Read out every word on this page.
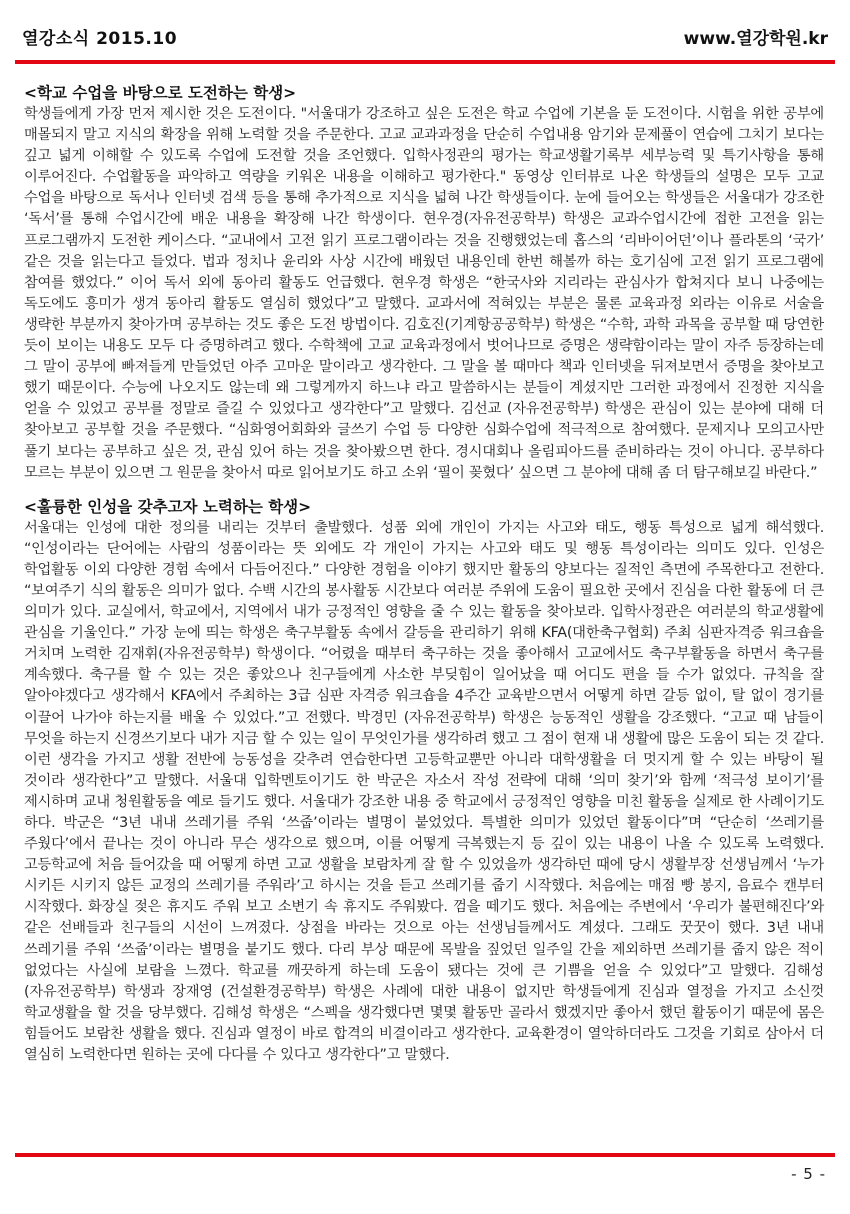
열강소식 2015.10	www.열강학원.kr
<학교 수업을 바탕으로 도전하는 학생>

학생들에게 가장 먼저 제시한 것은 도전이다. "서울대가 강조하고 싶은 도전은 학교 수업에 기본을 둔 도전이다. 시험을 위한 공부에 매몰되지 말고 지식의 확장을 위해 노력할 것을 주문한다. 고교 교과과정을 단순히 수업내용 암기와 문제풀이 연습에 그치기 보다는 깊고 넓게 이해할 수 있도록 수업에 도전할 것을 조언했다. 입학사정관의 평가는 학교생활기록부 세부능력 및 특기사항을 통해 이루어진다. 수업활동을 파악하고 역량을 키워온 내용을 이해하고 평가한다." 동영상 인터뷰로 나온 학생들의 설명은 모두 고교 수업을 바탕으로 독서나 인터넷 검색 등을 통해 추가적으로 지식을 넓혀 나간 학생들이다. 눈에 들어오는 학생들은 서울대가 강조한 ‘독서’를 통해 수업시간에 배운 내용을 확장해 나간 학생이다. 현우경(자유전공학부) 학생은 교과수업시간에 접한 고전을 읽는 프로그램까지 도전한 케이스다. “교내에서 고전 읽기 프로그램이라는 것을 진행했었는데 홉스의 ‘리바이어던’이나 플라톤의 ‘국가’ 같은 것을 읽는다고 들었다. 법과 정치나 윤리와 사상 시간에 배웠던 내용인데 한번 해볼까 하는 호기심에 고전 읽기 프로그램에 참여를 했었다.” 이어 독서 외에 동아리 활동도 언급했다. 현우경 학생은 “한국사와 지리라는 관심사가 합쳐지다 보니 나중에는 독도에도 흥미가 생겨 동아리 활동도 열심히 했었다”고 말했다. 교과서에 적혀있는 부분은 물론 교육과정 외라는 이유로 서술을 생략한 부분까지 찾아가며 공부하는 것도 좋은 도전 방법이다. 김호진(기계항공공학부) 학생은 “수학, 과학 과목을 공부할 때 당연한 듯이 보이는 내용도 모두 다 증명하려고 했다. 수학책에 고교 교육과정에서 벗어나므로 증명은 생략함이라는 말이 자주 등장하는데 그 말이 공부에 빠져들게 만들었던 아주 고마운 말이라고 생각한다. 그 말을 볼 때마다 책과 인터넷을 뒤져보면서 증명을 찾아보고 했기 때문이다. 수능에 나오지도 않는데 왜 그렇게까지 하느냐 라고 말씀하시는 분들이 계셨지만 그러한 과정에서 진정한 지식을 얻을 수 있었고 공부를 정말로 즐길 수 있었다고 생각한다”고 말했다. 김선교 (자유전공학부) 학생은 관심이 있는 분야에 대해 더 찾아보고 공부할 것을 주문했다. “심화영어회화와 글쓰기 수업 등 다양한 심화수업에 적극적으로 참여했다. 문제지나 모의고사만 풀기 보다는 공부하고 싶은 것, 관심 있어 하는 것을 찾아봤으면 한다. 경시대회나 올림피아드를 준비하라는 것이 아니다. 공부하다 모르는 부분이 있으면 그 원문을 찾아서 따로 읽어보기도 하고 소위 ‘필이 꽂혔다’ 싶으면 그 분야에 대해 좀 더 탐구해보길 바란다.”

<훌륭한 인성을 갖추고자 노력하는 학생>

서울대는 인성에 대한 정의를 내리는 것부터 출발했다. 성품 외에 개인이 가지는 사고와 태도, 행동 특성으로 넓게 해석했다. “인성이라는 단어에는 사람의 성품이라는 뜻 외에도 각 개인이 가지는 사고와 태도 및 행동 특성이라는 의미도 있다. 인성은 학업활동 이외 다양한 경험 속에서 다듬어진다.” 다양한 경험을 이야기 했지만 활동의 양보다는 질적인 측면에 주목한다고 전한다. “보여주기 식의 활동은 의미가 없다. 수백 시간의 봉사활동 시간보다 여러분 주위에 도움이 필요한 곳에서 진심을 다한 활동에 더 큰 의미가 있다. 교실에서, 학교에서, 지역에서 내가 긍정적인 영향을 줄 수 있는 활동을 찾아보라. 입학사정관은 여러분의 학교생활에 관심을 기울인다.” 가장 눈에 띄는 학생은 축구부활동 속에서 갈등을 관리하기 위해 KFA(대한축구협회) 주최 심판자격증 워크숍을 거치며 노력한 김재휘(자유전공학부) 학생이다. “어렸을 때부터 축구하는 것을 좋아해서 고교에서도 축구부활동을 하면서 축구를 계속했다. 축구를 할 수 있는 것은 좋았으나 친구들에게 사소한 부딪힘이 일어났을 때 어디도 편을 들 수가 없었다. 규칙을 잘 알아야겠다고 생각해서 KFA에서 주최하는 3급 심판 자격증 워크숍을 4주간 교육받으면서 어떻게 하면 갈등 없이, 탈 없이 경기를 이끌어 나가야 하는지를 배울 수 있었다.”고 전했다. 박경민 (자유전공학부) 학생은 능동적인 생활을 강조했다. “고교 때 남들이 무엇을 하는지 신경쓰기보다 내가 지금 할 수 있는 일이 무엇인가를 생각하려 했고 그 점이 현재 내 생활에 많은 도움이 되는 것 같다. 이런 생각을 가지고 생활 전반에 능동성을 갖추려 연습한다면 고등학교뿐만 아니라 대학생활을 더 멋지게 할 수 있는 바탕이 될 것이라 생각한다”고 말했다. 서울대 입학멘토이기도 한 박군은 자소서 작성 전략에 대해 ‘의미 찾기’와 함께 ‘적극성 보이기’를 제시하며 교내 청원활동을 예로 들기도 했다. 서울대가 강조한 내용 중 학교에서 긍정적인 영향을 미친 활동을 실제로 한 사례이기도 하다. 박군은 “3년 내내 쓰레기를 주워 ‘쓰줍’이라는 별명이 붙었었다. 특별한 의미가 있었던 활동이다”며 “단순히 ‘쓰레기를 주웠다’에서 끝나는 것이 아니라 무슨 생각으로 했으며, 이를 어떻게 극복했는지 등 깊이 있는 내용이 나올 수 있도록 노력했다. 고등학교에 처음 들어갔을 때 어떻게 하면 고교 생활을 보람차게 잘 할 수 있었을까 생각하던 때에 당시 생활부장 선생님께서 ‘누가 시키든 시키지 않든 교정의 쓰레기를 주워라’고 하시는 것을 듣고 쓰레기를 줍기 시작했다. 처음에는 매점 빵 봉지, 음료수 캔부터 시작했다. 화장실 젖은 휴지도 주워 보고 소변기 속 휴지도 주워봤다. 껌을 떼기도 했다. 처음에는 주변에서 ‘우리가 불편해진다’와 같은 선배들과 친구들의 시선이 느껴졌다. 상점을 바라는 것으로 아는 선생님들께서도 계셨다. 그래도 꿋꿋이 했다. 3년 내내 쓰레기를 주워 ‘쓰줍’이라는 별명을 붙기도 했다. 다리 부상 때문에 목발을 짚었던 일주일 간을 제외하면 쓰레기를 줍지 않은 적이 없었다는 사실에 보람을 느꼈다. 학교를 깨끗하게 하는데 도움이 됐다는 것에 큰 기쁨을 얻을 수 있었다”고 말했다. 김해성 (자유전공학부) 학생과 장재영 (건설환경공학부) 학생은 사례에 대한 내용이 없지만 학생들에게 진심과 열정을 가지고 소신껏 학교생활을 할 것을 당부했다. 김해성 학생은 “스펙을 생각했다면 몇몇 활동만 골라서 했겠지만 좋아서 했던 활동이기 때문에 몸은 힘들어도 보람찬 생활을 했다. 진심과 열정이 바로 합격의 비결이라고 생각한다. 교육환경이 열악하더라도 그것을 기회로 삼아서 더 열심히 노력한다면 원하는 곳에 다다를 수 있다고 생각한다”고 말했다.

- 5 -
